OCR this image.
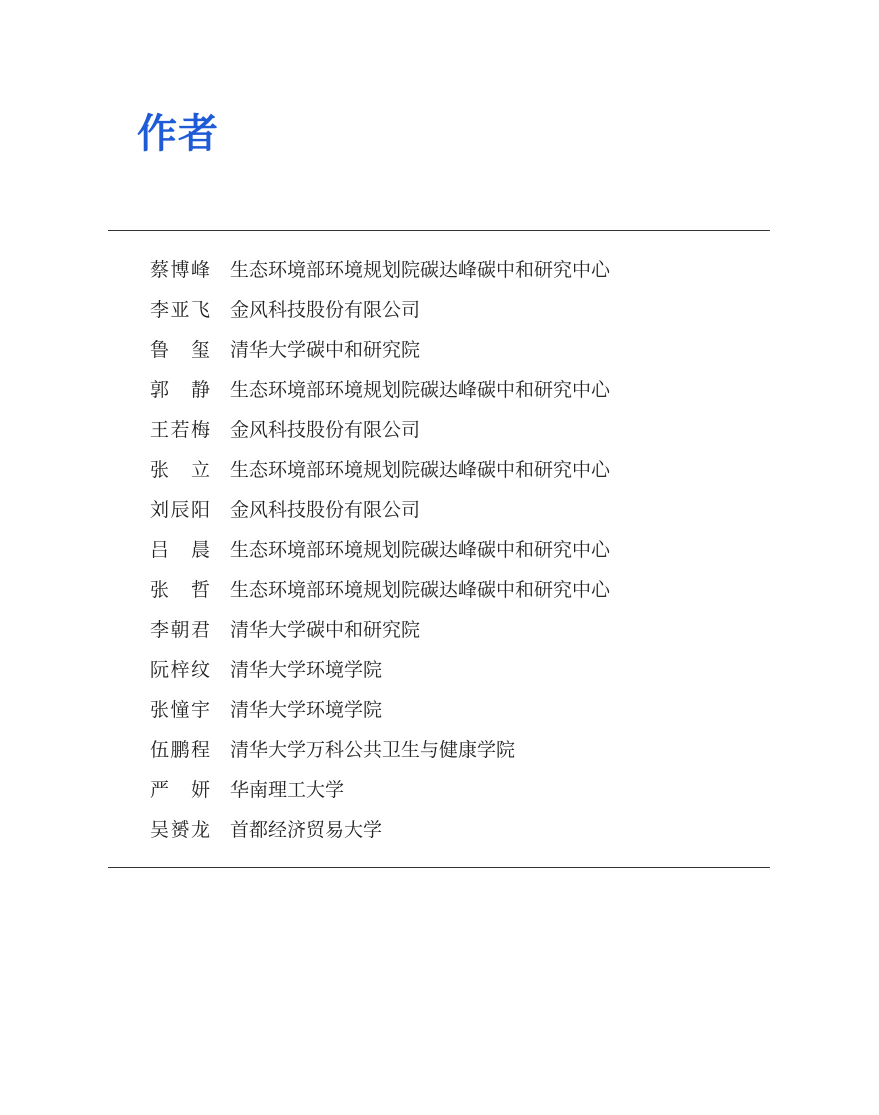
作者
蔡 博 峰 生态环境部环境规划院碳达峰碳中和研究中心
李 亚 飞 金风科技股份有限公司
鲁 玺 清华大学碳中和研究院
郭 静 生态环境部环境规划院碳达峰碳中和研究中心
王 若 梅 金风科技股份有限公司
张 立 生态环境部环境规划院碳达峰碳中和研究中心
刘 辰 阳 金风科技股份有限公司
吕 晨 生态环境部环境规划院碳达峰碳中和研究中心
张 哲 生态环境部环境规划院碳达峰碳中和研究中心
李 朝 君 清华大学碳中和研究院
阮 梓 纹 清华大学环境学院
张 憧 宇 清华大学环境学院
伍 鹏 程 清华大学万科公共卫生与健康学院
严 妍 华南理工大学
吴 赟 龙 首都经济贸易大学
